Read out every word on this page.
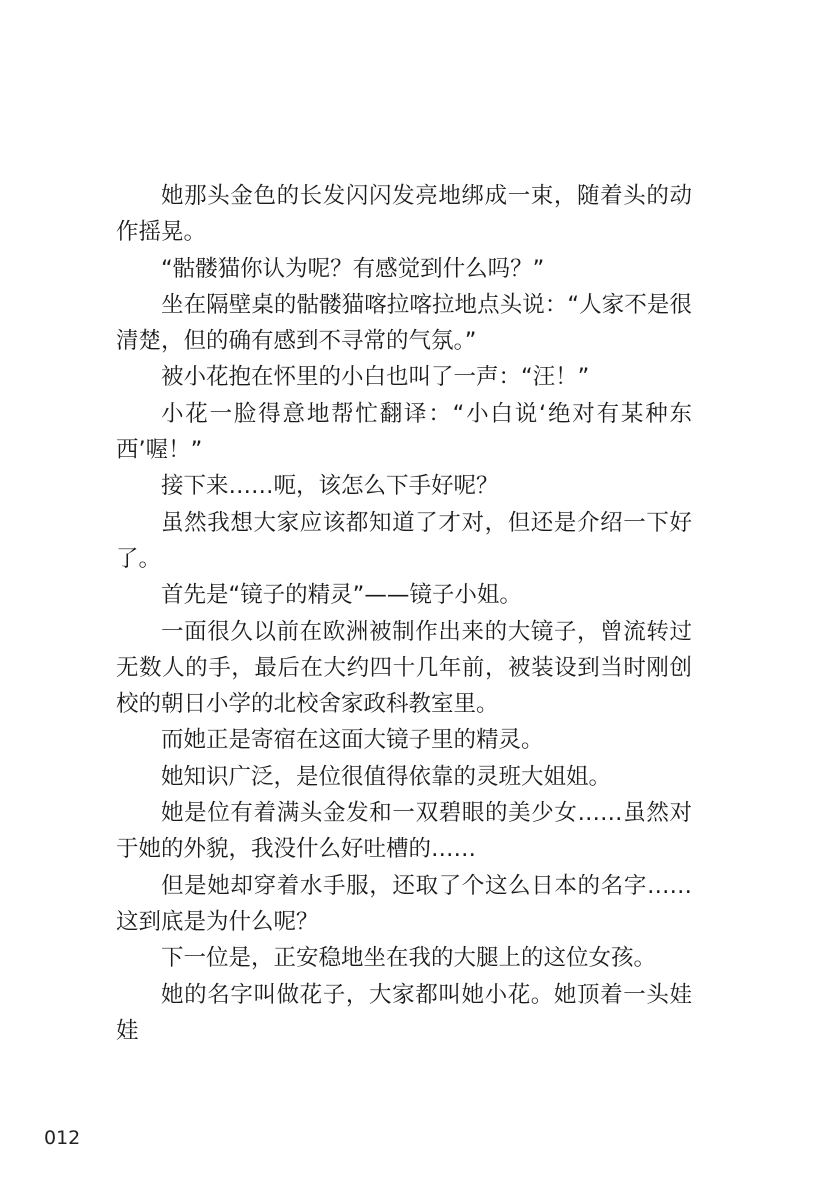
她那头金色的长发闪闪发亮地绑成一束，随着头的动作摇晃。

“骷髅猫你认为呢？有感觉到什么吗？”

坐在隔壁桌的骷髅猫喀拉喀拉地点头说：“人家不是很清楚，但的确有感到不寻常的气氛。”

被小花抱在怀里的小白也叫了一声：“汪！”

小花一脸得意地帮忙翻译：“小白说‘绝对有某种东西’喔！”

接下来……呃，该怎么下手好呢？

虽然我想大家应该都知道了才对，但还是介绍一下好了。

首先是“镜子的精灵”——镜子小姐。

一面很久以前在欧洲被制作出来的大镜子，曾流转过无数人的手，最后在大约四十几年前，被装设到当时刚创校的朝日小学的北校舍家政科教室里。

而她正是寄宿在这面大镜子里的精灵。

她知识广泛，是位很值得依靠的灵班大姐姐。

她是位有着满头金发和一双碧眼的美少女……虽然对于她的外貌，我没什么好吐槽的……

但是她却穿着水手服，还取了个这么日本的名字……这到底是为什么呢？

下一位是，正安稳地坐在我的大腿上的这位女孩。

她的名字叫做花子，大家都叫她小花。她顶着一头娃娃

012
